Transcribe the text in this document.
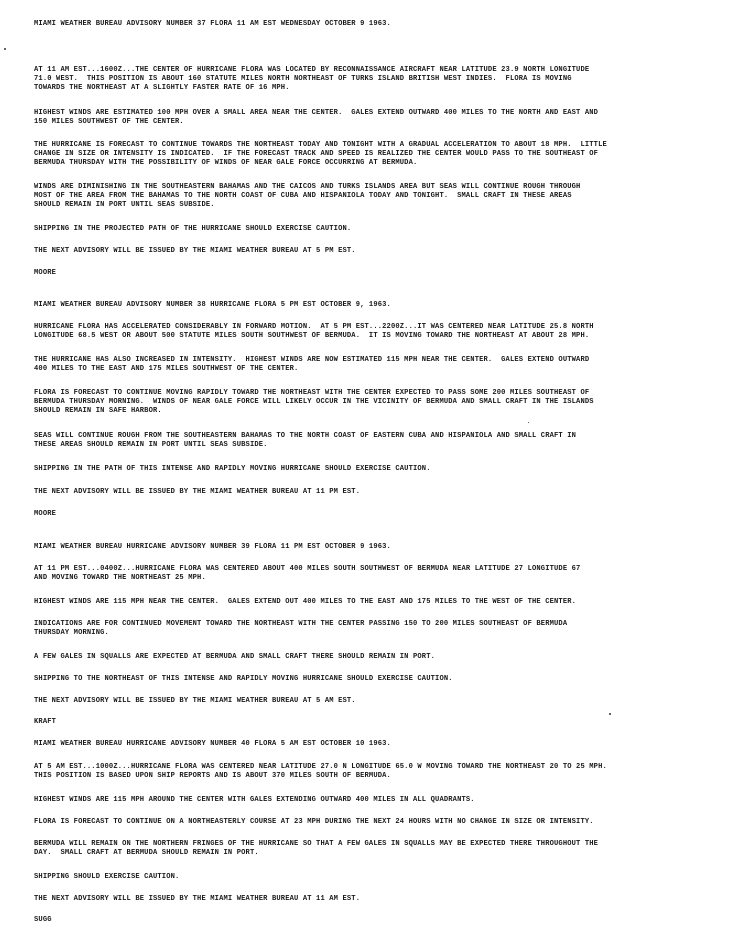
MIAMI WEATHER BUREAU ADVISORY NUMBER 37 FLORA 11 AM EST WEDNESDAY OCTOBER 9 1963.
AT 11 AM EST...1600Z...THE CENTER OF HURRICANE FLORA WAS LOCATED BY RECONNAISSANCE AIRCRAFT NEAR LATITUDE 23.9 NORTH LONGITUDE
71.0 WEST.  THIS POSITION IS ABOUT 160 STATUTE MILES NORTH NORTHEAST OF TURKS ISLAND BRITISH WEST INDIES.  FLORA IS MOVING
TOWARDS THE NORTHEAST AT A SLIGHTLY FASTER RATE OF 16 MPH.
HIGHEST WINDS ARE ESTIMATED 100 MPH OVER A SMALL AREA NEAR THE CENTER.  GALES EXTEND OUTWARD 400 MILES TO THE NORTH AND EAST AND
150 MILES SOUTHWEST OF THE CENTER.
THE HURRICANE IS FORECAST TO CONTINUE TOWARDS THE NORTHEAST TODAY AND TONIGHT WITH A GRADUAL ACCELERATION TO ABOUT 18 MPH.  LITTLE
CHANGE IN SIZE OR INTENSITY IS INDICATED.  IF THE FORECAST TRACK AND SPEED IS REALIZED THE CENTER WOULD PASS TO THE SOUTHEAST OF
BERMUDA THURSDAY WITH THE POSSIBILITY OF WINDS OF NEAR GALE FORCE OCCURRING AT BERMUDA.
WINDS ARE DIMINISHING IN THE SOUTHEASTERN BAHAMAS AND THE CAICOS AND TURKS ISLANDS AREA BUT SEAS WILL CONTINUE ROUGH THROUGH
MOST OF THE AREA FROM THE BAHAMAS TO THE NORTH COAST OF CUBA AND HISPANIOLA TODAY AND TONIGHT.  SMALL CRAFT IN THESE AREAS
SHOULD REMAIN IN PORT UNTIL SEAS SUBSIDE.
SHIPPING IN THE PROJECTED PATH OF THE HURRICANE SHOULD EXERCISE CAUTION.
THE NEXT ADVISORY WILL BE ISSUED BY THE MIAMI WEATHER BUREAU AT 5 PM EST.
MOORE
MIAMI WEATHER BUREAU ADVISORY NUMBER 38 HURRICANE FLORA 5 PM EST OCTOBER 9, 1963.
HURRICANE FLORA HAS ACCELERATED CONSIDERABLY IN FORWARD MOTION.  AT 5 PM EST...2200Z...IT WAS CENTERED NEAR LATITUDE 25.8 NORTH
LONGITUDE 68.5 WEST OR ABOUT 500 STATUTE MILES SOUTH SOUTHWEST OF BERMUDA.  IT IS MOVING TOWARD THE NORTHEAST AT ABOUT 28 MPH.
THE HURRICANE HAS ALSO INCREASED IN INTENSITY.  HIGHEST WINDS ARE NOW ESTIMATED 115 MPH NEAR THE CENTER.  GALES EXTEND OUTWARD
400 MILES TO THE EAST AND 175 MILES SOUTHWEST OF THE CENTER.
FLORA IS FORECAST TO CONTINUE MOVING RAPIDLY TOWARD THE NORTHEAST WITH THE CENTER EXPECTED TO PASS SOME 200 MILES SOUTHEAST OF
BERMUDA THURSDAY MORNING.  WINDS OF NEAR GALE FORCE WILL LIKELY OCCUR IN THE VICINITY OF BERMUDA AND SMALL CRAFT IN THE ISLANDS
SHOULD REMAIN IN SAFE HARBOR.
SEAS WILL CONTINUE ROUGH FROM THE SOUTHEASTERN BAHAMAS TO THE NORTH COAST OF EASTERN CUBA AND HISPANIOLA AND SMALL CRAFT IN
THESE AREAS SHOULD REMAIN IN PORT UNTIL SEAS SUBSIDE.
SHIPPING IN THE PATH OF THIS INTENSE AND RAPIDLY MOVING HURRICANE SHOULD EXERCISE CAUTION.
THE NEXT ADVISORY WILL BE ISSUED BY THE MIAMI WEATHER BUREAU AT 11 PM EST.
MOORE
MIAMI WEATHER BUREAU HURRICANE ADVISORY NUMBER 39 FLORA 11 PM EST OCTOBER 9 1963.
AT 11 PM EST...0400Z...HURRICANE FLORA WAS CENTERED ABOUT 400 MILES SOUTH SOUTHWEST OF BERMUDA NEAR LATITUDE 27 LONGITUDE 67
AND MOVING TOWARD THE NORTHEAST 25 MPH.
HIGHEST WINDS ARE 115 MPH NEAR THE CENTER.  GALES EXTEND OUT 400 MILES TO THE EAST AND 175 MILES TO THE WEST OF THE CENTER.
INDICATIONS ARE FOR CONTINUED MOVEMENT TOWARD THE NORTHEAST WITH THE CENTER PASSING 150 TO 200 MILES SOUTHEAST OF BERMUDA
THURSDAY MORNING.
A FEW GALES IN SQUALLS ARE EXPECTED AT BERMUDA AND SMALL CRAFT THERE SHOULD REMAIN IN PORT.
SHIPPING TO THE NORTHEAST OF THIS INTENSE AND RAPIDLY MOVING HURRICANE SHOULD EXERCISE CAUTION.
THE NEXT ADVISORY WILL BE ISSUED BY THE MIAMI WEATHER BUREAU AT 5 AM EST.
KRAFT
MIAMI WEATHER BUREAU HURRICANE ADVISORY NUMBER 40 FLORA 5 AM EST OCTOBER 10 1963.
AT 5 AM EST...1000Z...HURRICANE FLORA WAS CENTERED NEAR LATITUDE 27.0 N LONGITUDE 65.0 W MOVING TOWARD THE NORTHEAST 20 TO 25 MPH.
THIS POSITION IS BASED UPON SHIP REPORTS AND IS ABOUT 370 MILES SOUTH OF BERMUDA.
HIGHEST WINDS ARE 115 MPH AROUND THE CENTER WITH GALES EXTENDING OUTWARD 400 MILES IN ALL QUADRANTS.
FLORA IS FORECAST TO CONTINUE ON A NORTHEASTERLY COURSE AT 23 MPH DURING THE NEXT 24 HOURS WITH NO CHANGE IN SIZE OR INTENSITY.
BERMUDA WILL REMAIN ON THE NORTHERN FRINGES OF THE HURRICANE SO THAT A FEW GALES IN SQUALLS MAY BE EXPECTED THERE THROUGHOUT THE
DAY.  SMALL CRAFT AT BERMUDA SHOULD REMAIN IN PORT.
SHIPPING SHOULD EXERCISE CAUTION.
THE NEXT ADVISORY WILL BE ISSUED BY THE MIAMI WEATHER BUREAU AT 11 AM EST.
SUGG
